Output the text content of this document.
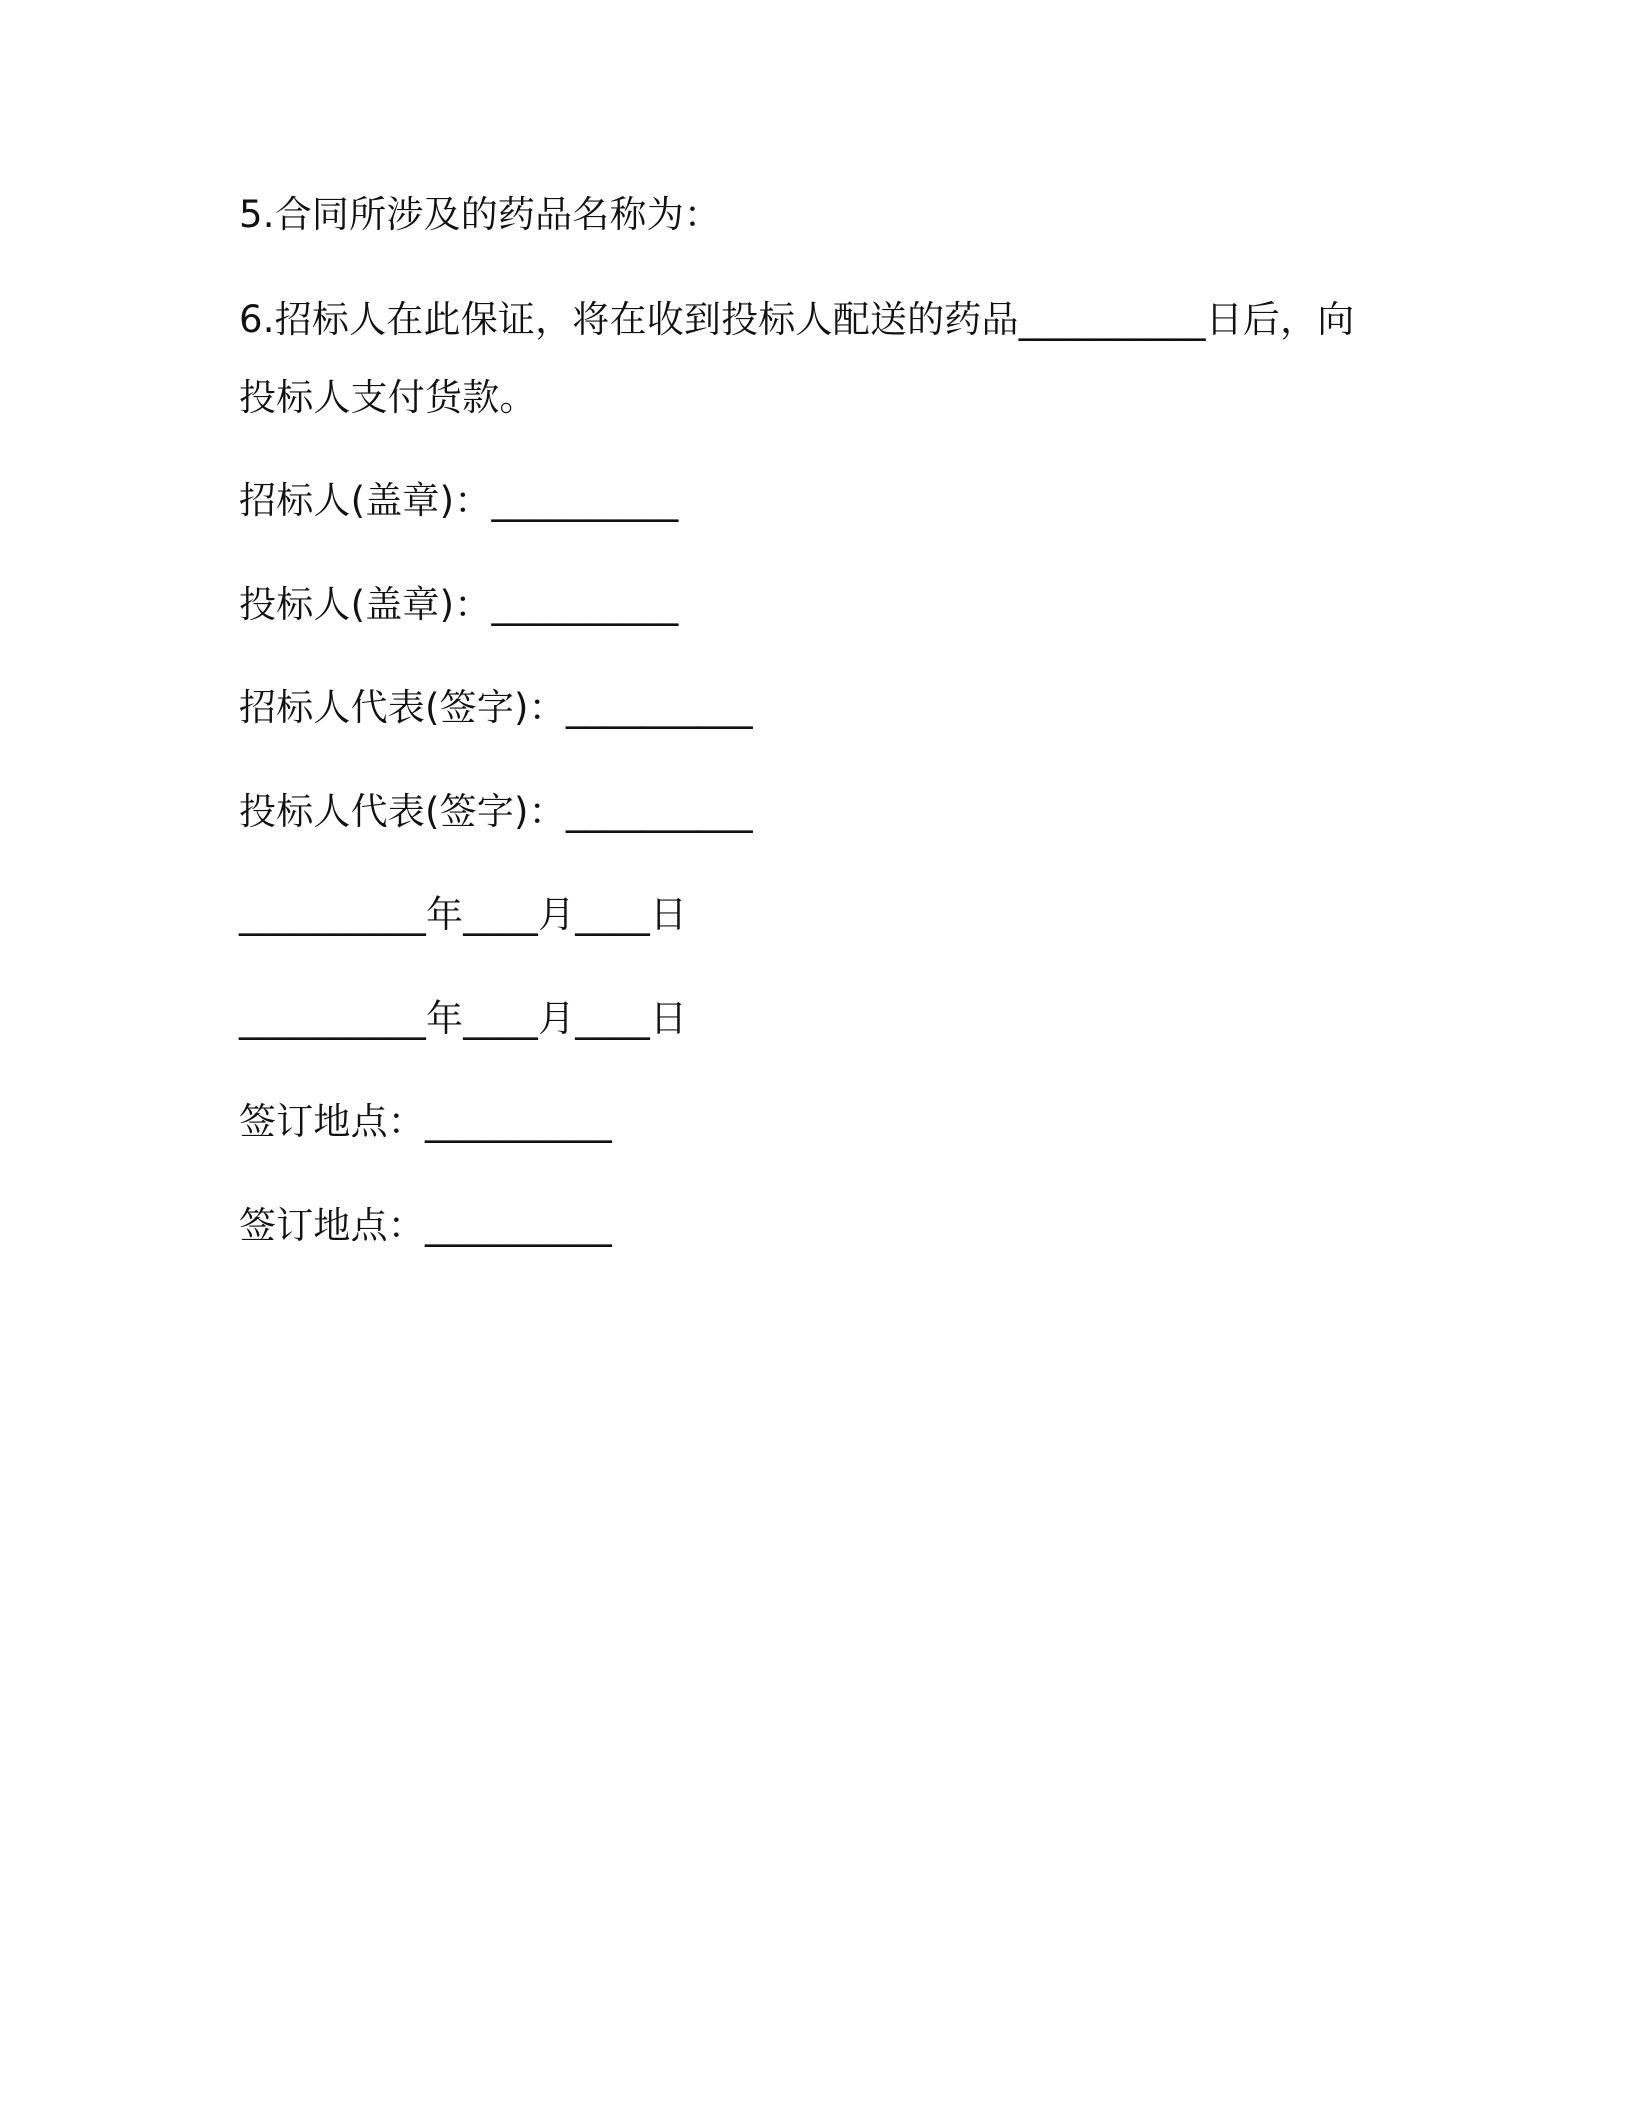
5.合同所涉及的药品名称为：
6.招标人在此保证，将在收到投标人配送的药品__________日后，向
投标人支付货款。
招标人(盖章)：__________
投标人(盖章)：__________
招标人代表(签字)：__________
投标人代表(签字)：__________
__________年____月____日
__________年____月____日
签订地点：__________
签订地点：__________
